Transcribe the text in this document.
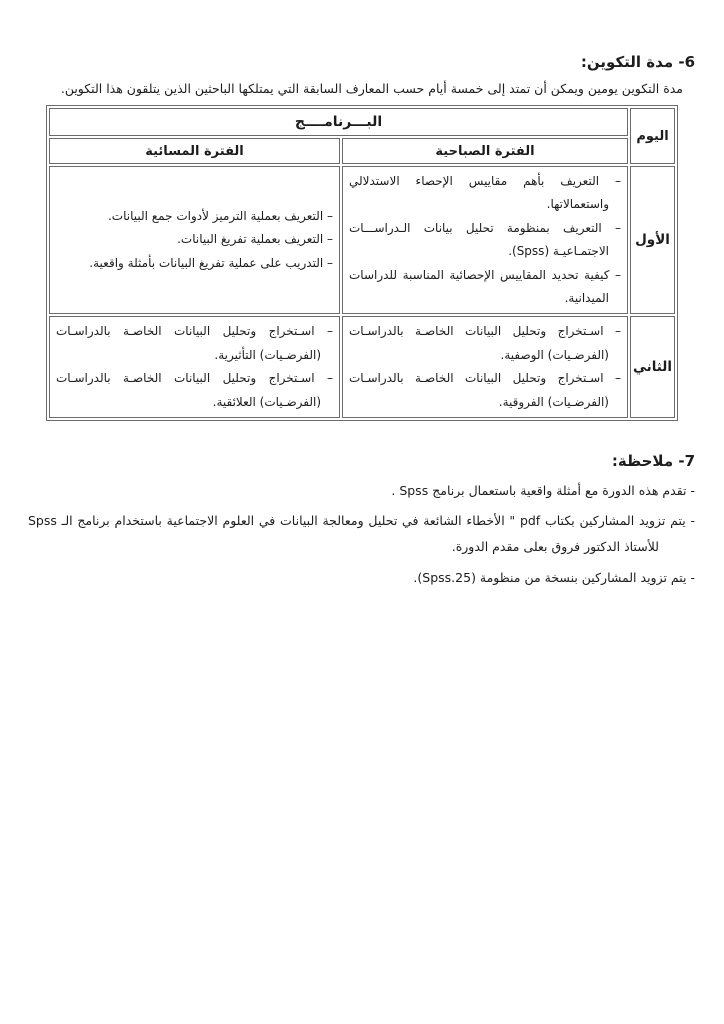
6- مدة التكوين:

مدة التكوين يومين ويمكن أن تمتد إلى خمسة أيام حسب المعارف السابقة التي يمتلكها الباحثين الذين يتلقون هذا التكوين.

اليوم	البـــرنامــــج	
	الفترة الصباحية	الفترة المسائية
الأول	
– التعريف بأهم مقاييس الإحصاء الاستدلالي واستعمالاتها.
– التعريف بمنظومة تحليل بيانات الـدراســـات الاجتمـاعيـة (Spss).
– كيفية تحديد المقاييس الإحصائية المناسبة للدراسات الميدانية.

– التعريف بعملية الترميز لأدوات جمع البيانات.
– التعريف بعملية تفريغ البيانات.
– التدريب على عملية تفريغ البيانات بأمثلة واقعية.

الثاني	
– اسـتخراج وتحليل البيانات الخاصـة بالدراسـات (الفرضـيات) الوصفية.
– اسـتخراج وتحليل البيانات الخاصـة بالدراسـات (الفرضـيات) الفروقية.

– اسـتخراج وتحليل البيانات الخاصـة بالدراسـات (الفرضـيات) التأثيرية.
– اسـتخراج وتحليل البيانات الخاصـة بالدراسـات (الفرضـيات) العلائقية.
7- ملاحظة:

- تقدم هذه الدورة مع أمثلة واقعية باستعمال برنامج Spss .

- يتم تزويد المشاركين بكتاب pdf " الأخطاء الشائعة في تحليل ومعالجة البيانات في العلوم الاجتماعية باستخدام برنامج الـ Spss للأستاذ الدكتور فروق بعلى مقدم الدورة.

- يتم تزويد المشاركين بنسخة من منظومة (Spss.25).
